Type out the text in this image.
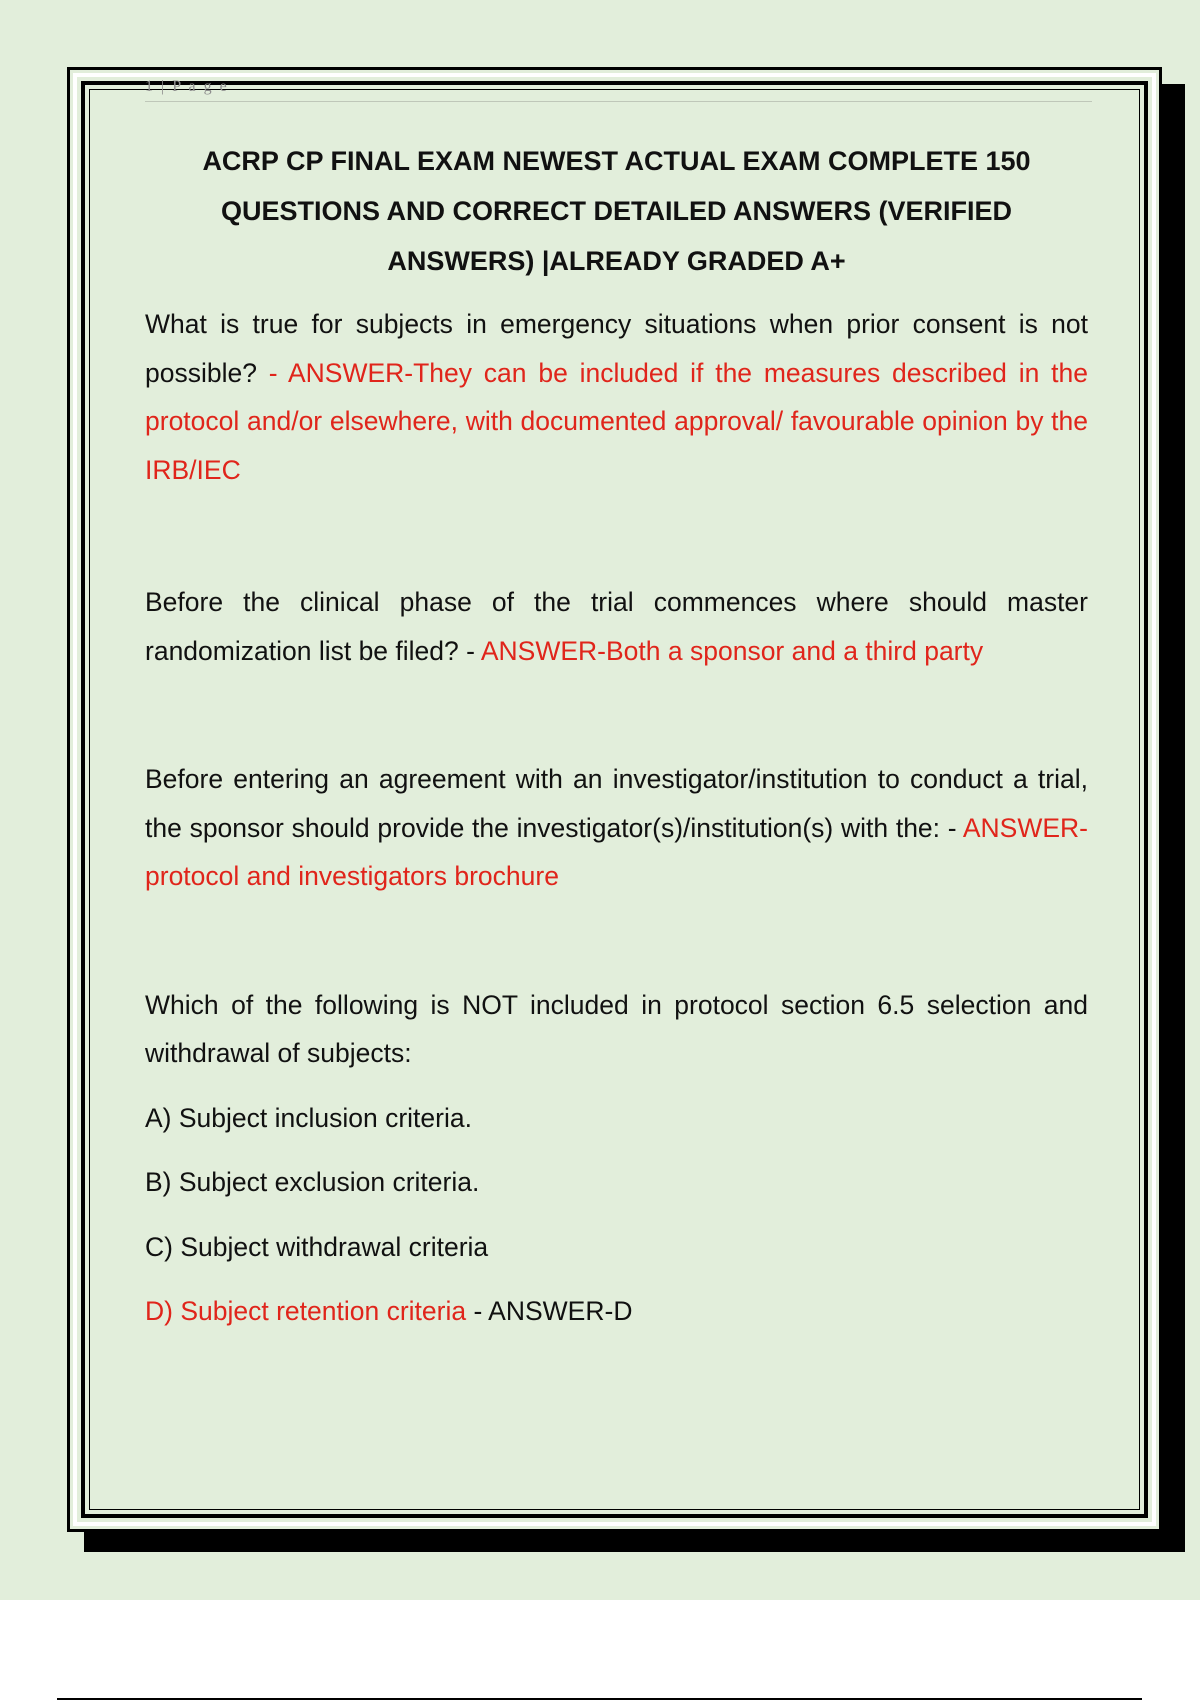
1 | P a g e
ACRP CP FINAL EXAM NEWEST ACTUAL EXAM COMPLETE 150 QUESTIONS AND CORRECT DETAILED ANSWERS (VERIFIED ANSWERS) |ALREADY GRADED A+

What is true for subjects in emergency situations when prior consent is not possible? - ANSWER-They can be included if the measures described in the protocol and/or elsewhere, with documented approval/ favourable opinion by the IRB/IEC

Before the clinical phase of the trial commences where should master randomization list be filed? - ANSWER-Both a sponsor and a third party

Before entering an agreement with an investigator/institution to conduct a trial, the sponsor should provide the investigator(s)/institution(s) with the: - ANSWER-protocol and investigators brochure

Which of the following is NOT included in protocol section 6.5 selection and withdrawal of subjects:

A) Subject inclusion criteria.

B) Subject exclusion criteria.

C) Subject withdrawal criteria

D) Subject retention criteria - ANSWER-D
